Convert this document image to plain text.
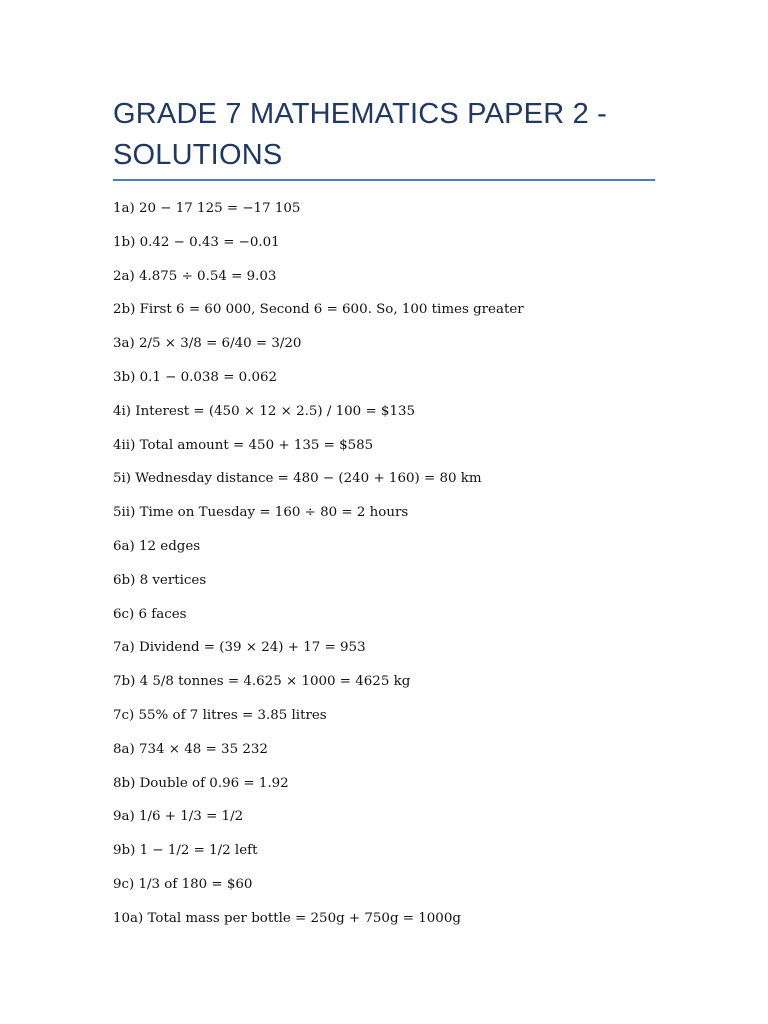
GRADE 7 MATHEMATICS PAPER 2 - SOLUTIONS
1a) 20 − 17 125 = −17 105
1b) 0.42 − 0.43 = −0.01
2a) 4.875 ÷ 0.54 = 9.03
2b) First 6 = 60 000, Second 6 = 600. So, 100 times greater
3a) 2/5 × 3/8 = 6/40 = 3/20
3b) 0.1 − 0.038 = 0.062
4i) Interest = (450 × 12 × 2.5) / 100 = $135
4ii) Total amount = 450 + 135 = $585
5i) Wednesday distance = 480 − (240 + 160) = 80 km
5ii) Time on Tuesday = 160 ÷ 80 = 2 hours
6a) 12 edges
6b) 8 vertices
6c) 6 faces
7a) Dividend = (39 × 24) + 17 = 953
7b) 4 5/8 tonnes = 4.625 × 1000 = 4625 kg
7c) 55% of 7 litres = 3.85 litres
8a) 734 × 48 = 35 232
8b) Double of 0.96 = 1.92
9a) 1/6 + 1/3 = 1/2
9b) 1 − 1/2 = 1/2 left
9c) 1/3 of 180 = $60
10a) Total mass per bottle = 250g + 750g = 1000g
